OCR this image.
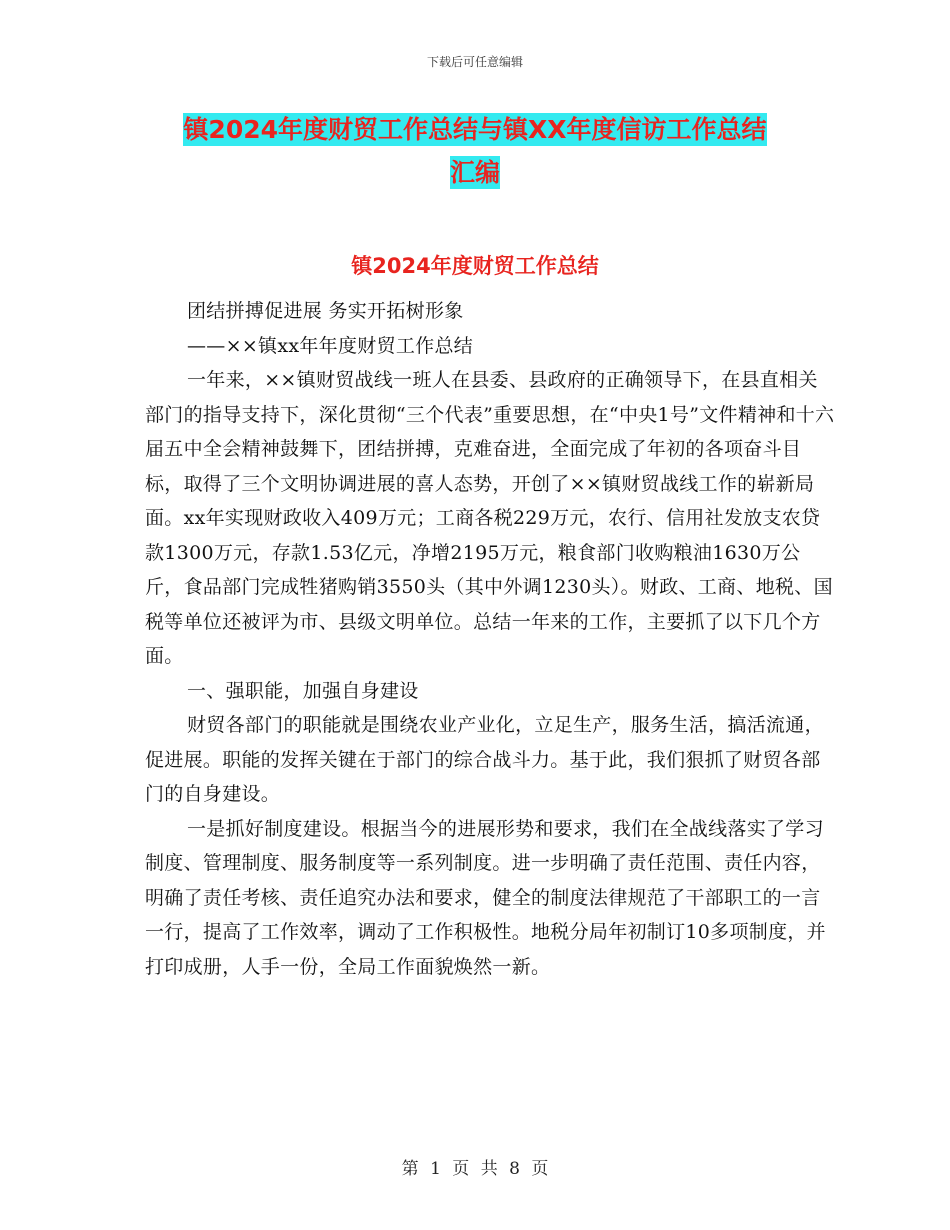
下载后可任意编辑
镇2024年度财贸工作总结与镇XX年度信访工作总结
汇编
镇2024年度财贸工作总结

团结拼搏促进展 务实开拓树形象

——××镇xx年年度财贸工作总结

一年来，××镇财贸战线一班人在县委、县政府的正确领导下，在县直相关部门的指导支持下，深化贯彻“三个代表”重要思想，在“中央1号”文件精神和十六届五中全会精神鼓舞下，团结拼搏，克难奋进，全面完成了年初的各项奋斗目标，取得了三个文明协调进展的喜人态势，开创了××镇财贸战线工作的崭新局面。xx年实现财政收入409万元；工商各税229万元，农行、信用社发放支农贷款1300万元，存款1.53亿元，净增2195万元，粮食部门收购粮油1630万公斤，食品部门完成牲猪购销3550头（其中外调1230头）。财政、工商、地税、国税等单位还被评为市、县级文明单位。总结一年来的工作，主要抓了以下几个方面。

一、强职能，加强自身建设

财贸各部门的职能就是围绕农业产业化，立足生产，服务生活，搞活流通，促进展。职能的发挥关键在于部门的综合战斗力。基于此，我们狠抓了财贸各部门的自身建设。

一是抓好制度建设。根据当今的进展形势和要求，我们在全战线落实了学习制度、管理制度、服务制度等一系列制度。进一步明确了责任范围、责任内容，明确了责任考核、责任追究办法和要求，健全的制度法律规范了干部职工的一言一行，提高了工作效率，调动了工作积极性。地税分局年初制订10多项制度，并打印成册，人手一份，全局工作面貌焕然一新。

第 1 页 共 8 页
